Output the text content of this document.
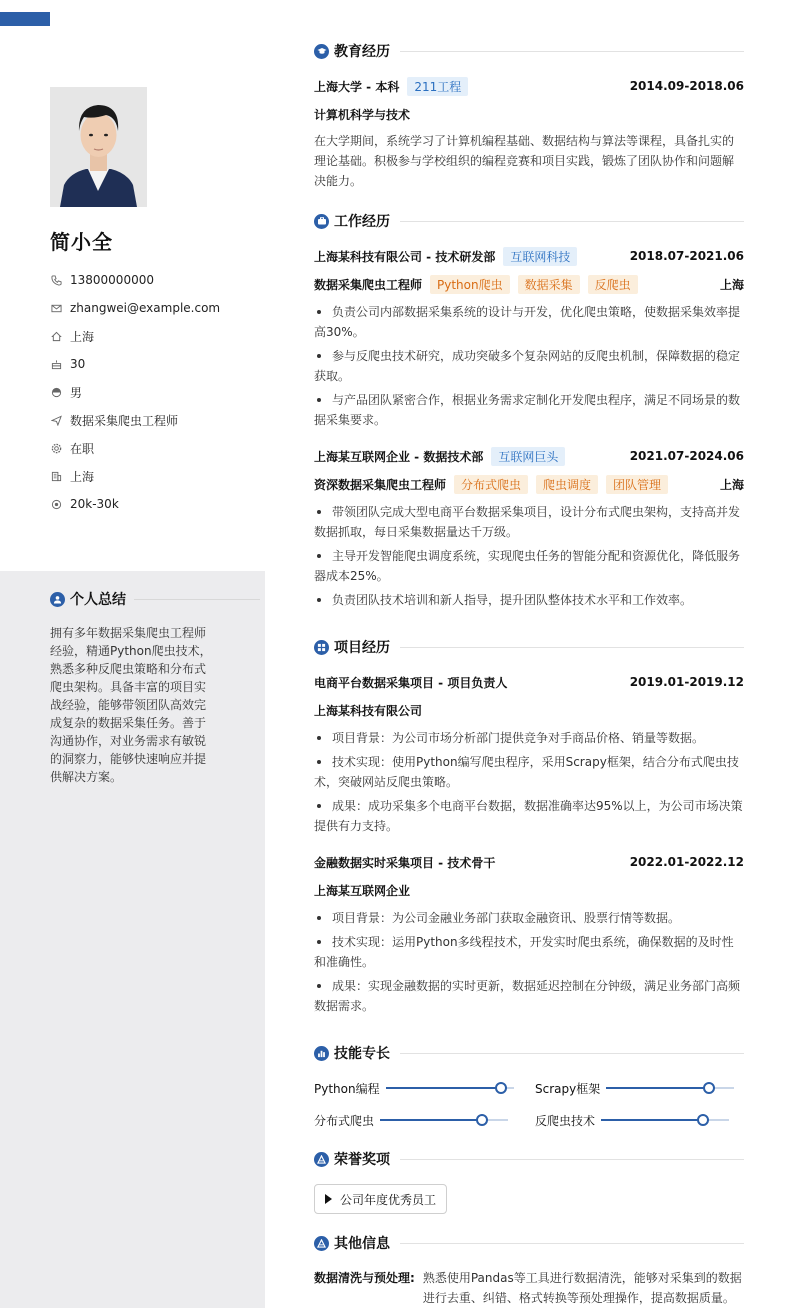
简小全
13800000000
zhangwei@example.com
上海
30
男
数据采集爬虫工程师
在职
上海
20k-30k
个人总结
拥有多年数据采集爬虫工程师经验，精通Python爬虫技术，熟悉多种反爬虫策略和分布式爬虫架构。具备丰富的项目实战经验，能够带领团队高效完成复杂的数据采集任务。善于沟通协作，对业务需求有敏锐的洞察力，能够快速响应并提供解决方案。
教育经历
上海大学 - 本科	211工程	2014.09-2018.06
计算机科学与技术
在大学期间，系统学习了计算机编程基础、数据结构与算法等课程，具备扎实的理论基础。积极参与学校组织的编程竞赛和项目实践，锻炼了团队协作和问题解决能力。
工作经历
上海某科技有限公司 - 技术研发部	互联网科技	2018.07-2021.06
数据采集爬虫工程师	Python爬虫	数据采集	反爬虫	上海
负责公司内部数据采集系统的设计与开发，优化爬虫策略，使数据采集效率提高30%。
参与反爬虫技术研究，成功突破多个复杂网站的反爬虫机制，保障数据的稳定获取。
与产品团队紧密合作，根据业务需求定制化开发爬虫程序，满足不同场景的数据采集要求。
上海某互联网企业 - 数据技术部	互联网巨头	2021.07-2024.06
资深数据采集爬虫工程师	分布式爬虫	爬虫调度	团队管理	上海
带领团队完成大型电商平台数据采集项目，设计分布式爬虫架构，支持高并发数据抓取，每日采集数据量达千万级。
主导开发智能爬虫调度系统，实现爬虫任务的智能分配和资源优化，降低服务器成本25%。
负责团队技术培训和新人指导，提升团队整体技术水平和工作效率。
项目经历
电商平台数据采集项目 - 项目负责人	2019.01-2019.12
上海某科技有限公司
项目背景：为公司市场分析部门提供竞争对手商品价格、销量等数据。
技术实现：使用Python编写爬虫程序，采用Scrapy框架，结合分布式爬虫技术，突破网站反爬虫策略。
成果：成功采集多个电商平台数据，数据准确率达95%以上，为公司市场决策提供有力支持。
金融数据实时采集项目 - 技术骨干	2022.01-2022.12
上海某互联网企业
项目背景：为公司金融业务部门获取金融资讯、股票行情等数据。
技术实现：运用Python多线程技术，开发实时爬虫系统，确保数据的及时性和准确性。
成果：实现金融数据的实时更新，数据延迟控制在分钟级，满足业务部门高频数据需求。
技能专长
Python编程	Scrapy框架
分布式爬虫	反爬虫技术
荣誉奖项
公司年度优秀员工
其他信息
数据清洗与预处理: 熟悉使用Pandas等工具进行数据清洗，能够对采集到的数据进行去重、纠错、格式转换等预处理操作，提高数据质量。
